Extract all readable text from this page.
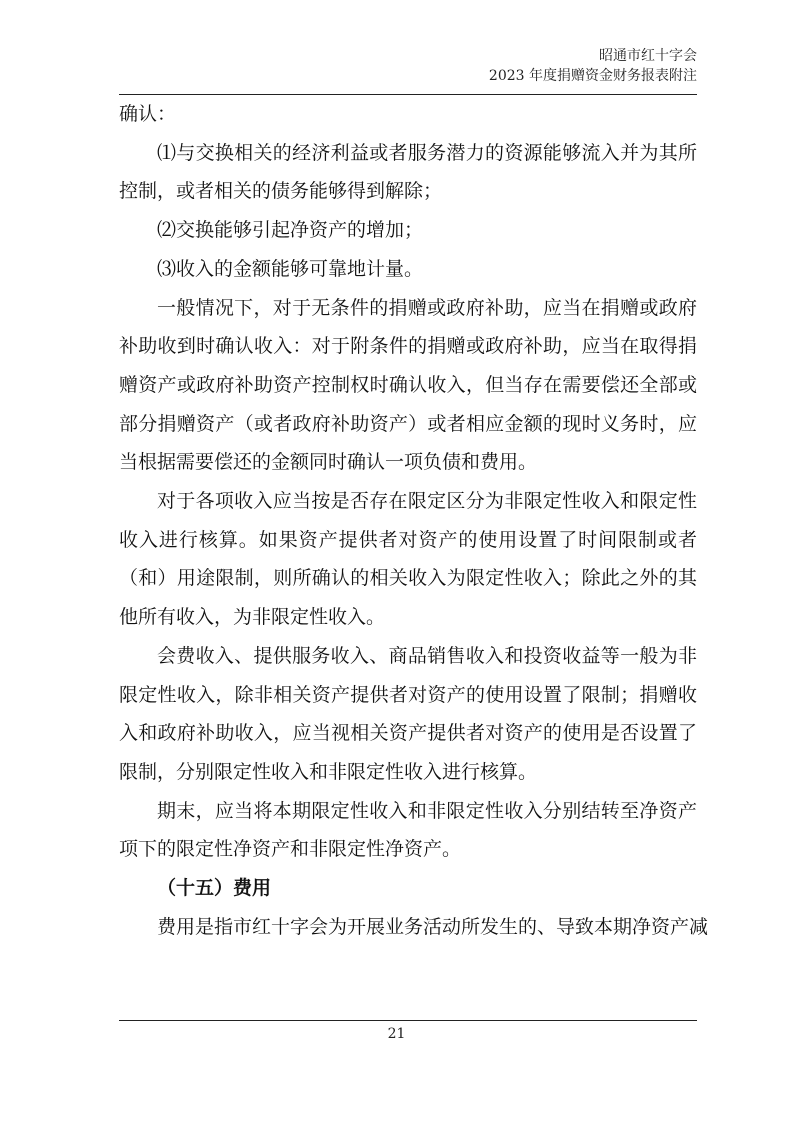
昭通市红十字会
2023 年度捐赠资金财务报表附注

确认：

⑴与交换相关的经济利益或者服务潜力的资源能够流入并为其所控制，或者相关的债务能够得到解除；

⑵交换能够引起净资产的增加；

⑶收入的金额能够可靠地计量。

一般情况下，对于无条件的捐赠或政府补助，应当在捐赠或政府补助收到时确认收入：对于附条件的捐赠或政府补助，应当在取得捐赠资产或政府补助资产控制权时确认收入，但当存在需要偿还全部或部分捐赠资产（或者政府补助资产）或者相应金额的现时义务时，应当根据需要偿还的金额同时确认一项负债和费用。

对于各项收入应当按是否存在限定区分为非限定性收入和限定性收入进行核算。如果资产提供者对资产的使用设置了时间限制或者（和）用途限制，则所确认的相关收入为限定性收入；除此之外的其他所有收入，为非限定性收入。

会费收入、提供服务收入、商品销售收入和投资收益等一般为非限定性收入，除非相关资产提供者对资产的使用设置了限制；捐赠收入和政府补助收入，应当视相关资产提供者对资产的使用是否设置了限制，分别限定性收入和非限定性收入进行核算。

期末，应当将本期限定性收入和非限定性收入分别结转至净资产项下的限定性净资产和非限定性净资产。

（十五）费用

费用是指市红十字会为开展业务活动所发生的、导致本期净资产减

21
